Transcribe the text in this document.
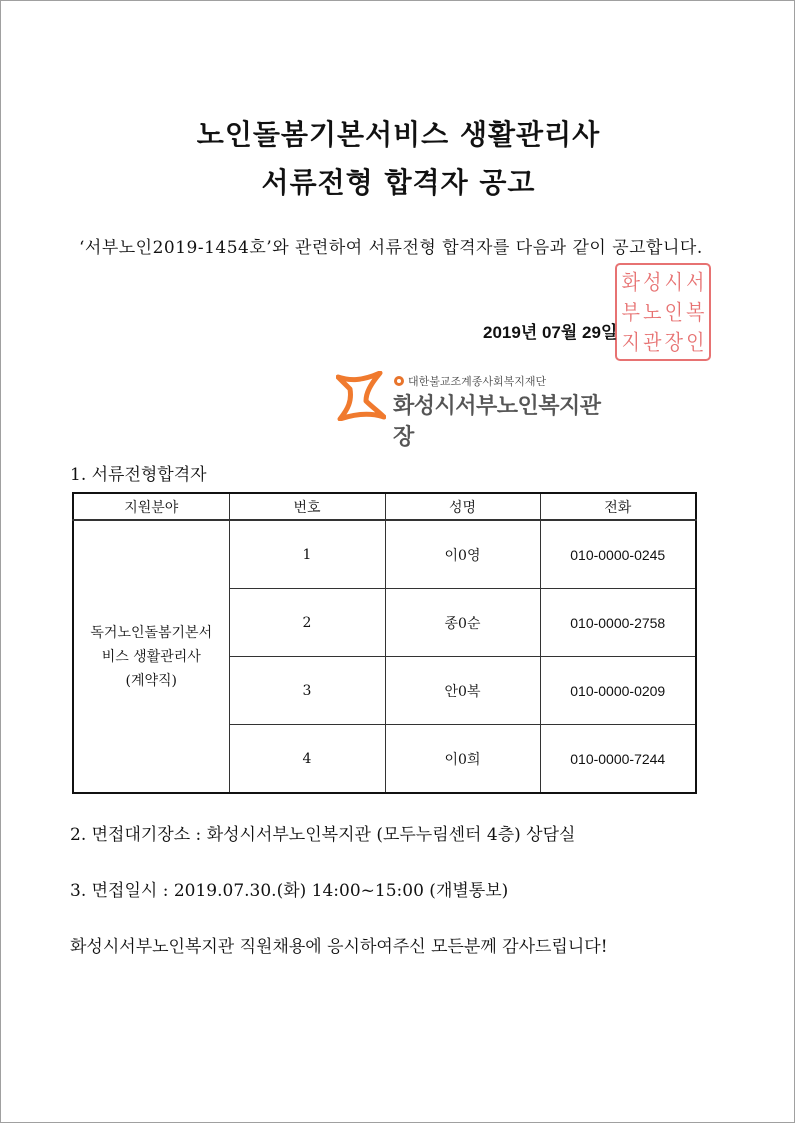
노인돌봄기본서비스 생활관리사
서류전형 합격자 공고
‘서부노인2019-1454호’와 관련하여 서류전형 합격자를 다음과 같이 공고합니다.
화 성 시 서
부 노 인 복
지 관 장 인
2019년 07월 29일
대한불교조계종사회복지재단
화성시서부노인복지관장
1. 서류전형합격자
지원분야	번호	성명	전화

독거노인돌봄기본서
비스 생활관리사
(계약직)	1	이0영	010-0000-0245
	2	종0순	010-0000-2758
	3	안0복	010-0000-0209
	4	이0희	010-0000-7244
2. 면접대기장소 : 화성시서부노인복지관 (모두누림센터 4층) 상담실
3. 면접일시 : 2019.07.30.(화) 14:00~15:00 (개별통보)
화성시서부노인복지관 직원채용에 응시하여주신 모든분께 감사드립니다!
